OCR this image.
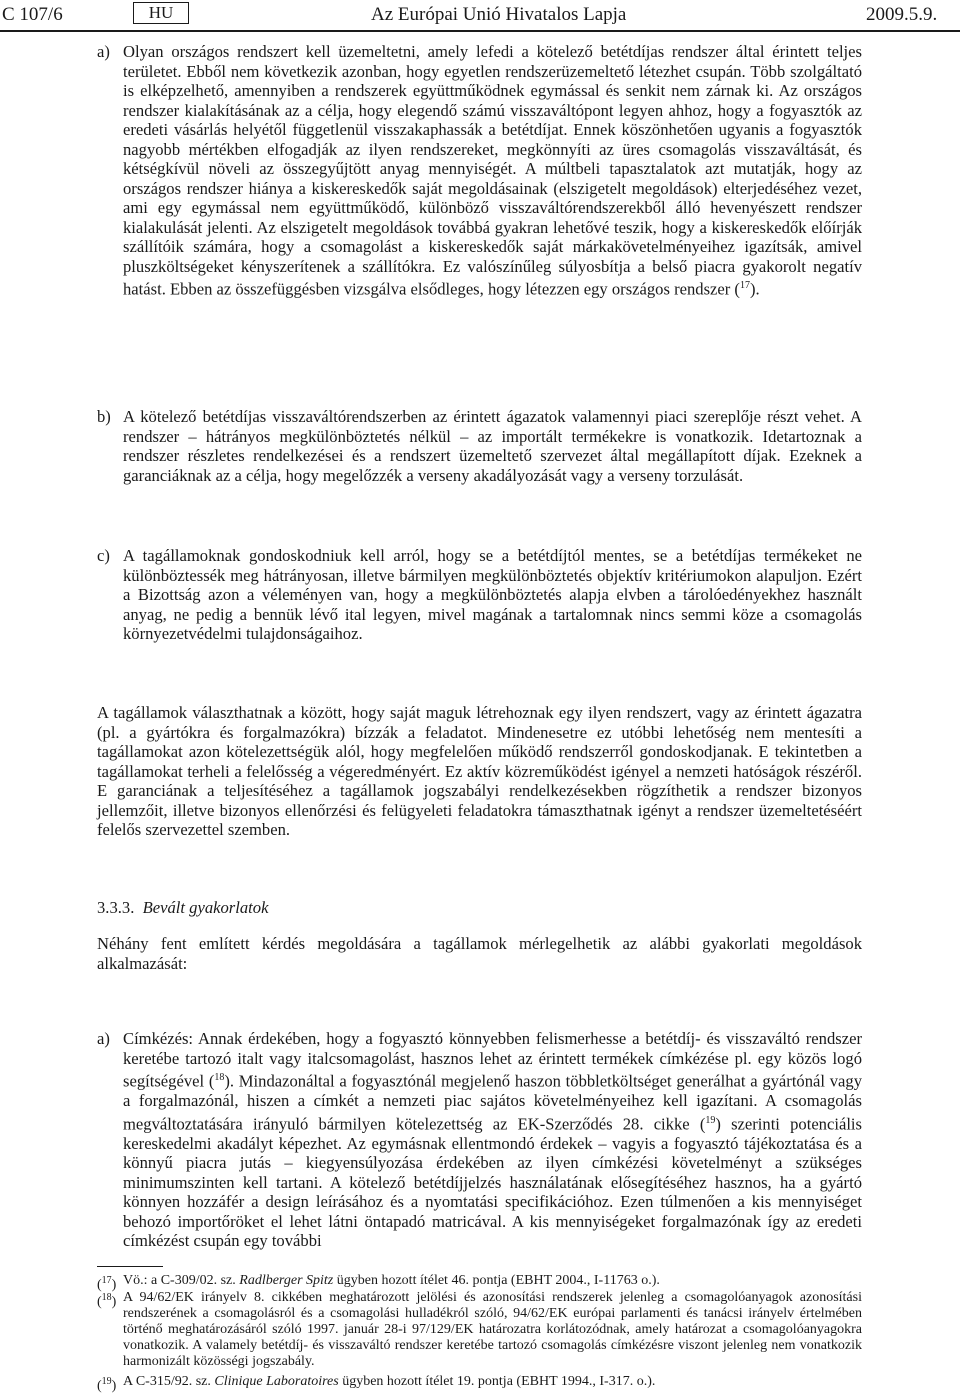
C 107/6	HU	Az Európai Unió Hivatalos Lapja	2009.5.9.
a) Olyan országos rendszert kell üzemeltetni, amely lefedi a kötelező betétdíjas rendszer által érintett teljes területet. Ebből nem következik azonban, hogy egyetlen rendszerüzemeltető létezhet csupán. Több szolgáltató is elképzelhető, amennyiben a rendszerek együttműködnek egymással és senkit nem zárnak ki. Az országos rendszer kialakításának az a célja, hogy elegendő számú visszaváltópont legyen ahhoz, hogy a fogyasztók az eredeti vásárlás helyétől függetlenül visszakaphassák a betétdíjat. Ennek köszönhetően ugyanis a fogyasztók nagyobb mértékben elfogadják az ilyen rendszereket, megkönnyíti az üres csomagolás visszaváltását, és kétségkívül növeli az összegyűjtött anyag mennyiségét. A múltbeli tapasztalatok azt mutatják, hogy az országos rendszer hiánya a kiskereskedők saját megoldásainak (elszigetelt megoldások) elterjedéséhez vezet, ami egy egymással nem együttműködő, különböző visszaváltórendszerekből álló hevenyészett rendszer kialakulását jelenti. Az elszigetelt megoldások továbbá gyakran lehetővé teszik, hogy a kiskereskedők előírják szállítóik számára, hogy a csomagolást a kiskereskedők saját márkakövetelményeihez igazítsák, amivel pluszköltségeket kényszerítenek a szállítókra. Ez valószínűleg súlyosbítja a belső piacra gyakorolt negatív hatást. Ebben az összefüggésben vizsgálva elsődleges, hogy létezzen egy országos rendszer ($^{17}$).

b) A kötelező betétdíjas visszaváltórendszerben az érintett ágazatok valamennyi piaci szereplője részt vehet. A rendszer – hátrányos megkülönböztetés nélkül – az importált termékekre is vonatkozik. Idetartoznak a rendszer részletes rendelkezései és a rendszert üzemeltető szervezet által megállapított díjak. Ezeknek a garanciáknak az a célja, hogy megelőzzék a verseny akadályozását vagy a verseny torzulását.

c) A tagállamoknak gondoskodniuk kell arról, hogy se a betétdíjtól mentes, se a betétdíjas termékeket ne különböztessék meg hátrányosan, illetve bármilyen megkülönböztetés objektív kritériumokon alapuljon. Ezért a Bizottság azon a véleményen van, hogy a megkülönböztetés alapja elvben a tárolóedényekhez használt anyag, ne pedig a bennük lévő ital legyen, mivel magának a tartalomnak nincs semmi köze a csomagolás környezetvédelmi tulajdonságaihoz.

A tagállamok választhatnak a között, hogy saját maguk létrehoznak egy ilyen rendszert, vagy az érintett ágazatra (pl. a gyártókra és forgalmazókra) bízzák a feladatot. Mindenesetre ez utóbbi lehetőség nem mentesíti a tagállamokat azon kötelezettségük alól, hogy megfelelően működő rendszerről gondoskodjanak. E tekintetben a tagállamokat terheli a felelősség a végeredményért. Ez aktív közreműködést igényel a nemzeti hatóságok részéről. E garanciának a teljesítéséhez a tagállamok jogszabályi rendelkezésekben rögzíthetik a rendszer bizonyos jellemzőit, illetve bizonyos ellenőrzési és felügyeleti feladatokra támaszthatnak igényt a rendszer üzemeltetéséért felelős szervezettel szemben.

3.3.3. Bevált gyakorlatok

Néhány fent említett kérdés megoldására a tagállamok mérlegelhetik az alábbi gyakorlati megoldások alkalmazását:

a) Címkézés: Annak érdekében, hogy a fogyasztó könnyebben felismerhesse a betétdíj- és visszaváltó rendszer keretébe tartozó italt vagy italcsomagolást, hasznos lehet az érintett termékek címkézése pl. egy közös logó segítségével ($^{18}$). Mindazonáltal a fogyasztónál megjelenő haszon többletköltséget generálhat a gyártónál vagy a forgalmazónál, hiszen a címkét a nemzeti piac sajátos követelményeihez kell igazítani. A csomagolás megváltoztatására irányuló bármilyen kötelezettség az EK-Szerződés 28. cikke ($^{19}$) szerinti potenciális kereskedelmi akadályt képezhet. Az egymásnak ellentmondó érdekek – vagyis a fogyasztó tájékoztatása és a könnyű piacra jutás – kiegyensúlyozása érdekében az ilyen címkézési követelményt a szükséges minimumszinten kell tartani. A kötelező betétdíjjelzés használatának elősegítéséhez hasznos, ha a gyártó könnyen hozzáfér a design leírásához és a nyomtatási specifikációhoz. Ezen túlmenően a kis mennyiséget behozó importőröket el lehet látni öntapadó matricával. A kis mennyiségeket forgalmazónak így az eredeti címkézést csupán egy további

($^{17}$) Vö.: a C-309/02. sz. Radlberger Spitz ügyben hozott ítélet 46. pontja (EBHT 2004., I-11763 o.).

($^{18}$) A 94/62/EK irányelv 8. cikkében meghatározott jelölési és azonosítási rendszerek jelenleg a csomagolóanyagok azonosítási rendszerének a csomagolásról és a csomagolási hulladékról szóló, 94/62/EK európai parlamenti és tanácsi irányelv értelmében történő meghatározásáról szóló 1997. január 28-i 97/129/EK határozatra korlátozódnak, amely határozat a csomagolóanyagokra vonatkozik. A valamely betétdíj- és visszaváltó rendszer keretébe tartozó csomagolás címkézésre viszont jelenleg nem vonatkozik harmonizált közösségi jogszabály.

($^{19}$) A C-315/92. sz. Clinique Laboratoires ügyben hozott ítélet 19. pontja (EBHT 1994., I-317. o.).
